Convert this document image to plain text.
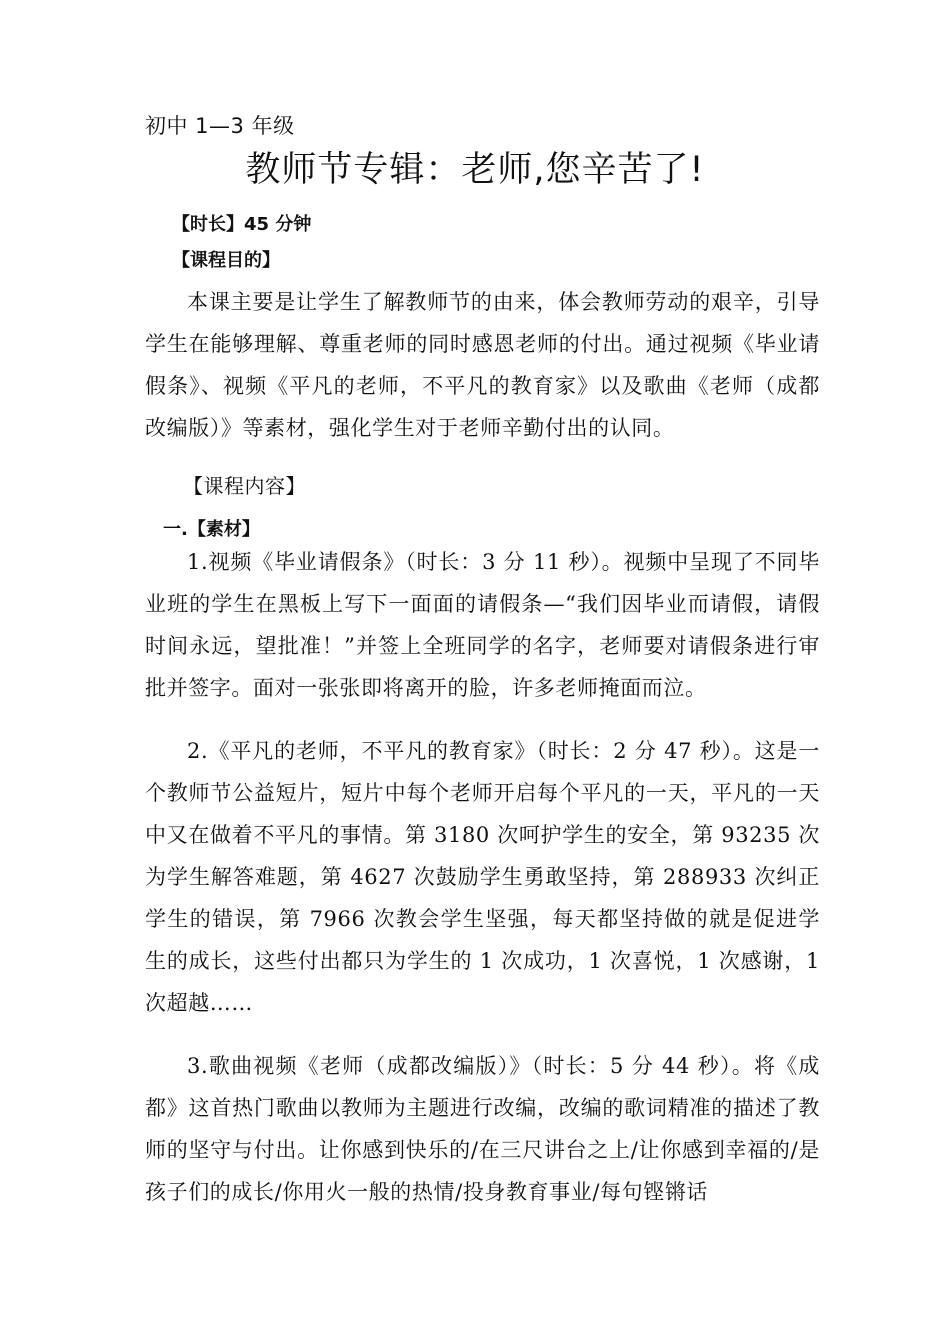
初中 1—3 年级
教师节专辑：老师,您辛苦了!
【时长】45 分钟
【课程目的】

本课主要是让学生了解教师节的由来，体会教师劳动的艰辛，引导学生在能够理解、尊重老师的同时感恩老师的付出。通过视频《毕业请假条》、视频《平凡的老师，不平凡的教育家》以及歌曲《老师（成都改编版）》等素材，强化学生对于老师辛勤付出的认同。

【课程内容】
一.【素材】

1.视频《毕业请假条》（时长：3 分 11 秒）。视频中呈现了不同毕业班的学生在黑板上写下一面面的请假条—“我们因毕业而请假，请假时间永远，望批准！”并签上全班同学的名字，老师要对请假条进行审批并签字。面对一张张即将离开的脸，许多老师掩面而泣。

2.《平凡的老师，不平凡的教育家》（时长：2 分 47 秒）。这是一个教师节公益短片，短片中每个老师开启每个平凡的一天，平凡的一天中又在做着不平凡的事情。第 3180 次呵护学生的安全，第 93235 次为学生解答难题，第 4627 次鼓励学生勇敢坚持，第 288933 次纠正学生的错误，第 7966 次教会学生坚强，每天都坚持做的就是促进学生的成长，这些付出都只为学生的 1 次成功，1 次喜悦，1 次感谢，1 次超越……

3.歌曲视频《老师（成都改编版）》（时长：5 分 44 秒）。将《成都》这首热门歌曲以教师为主题进行改编，改编的歌词精准的描述了教师的坚守与付出。让你感到快乐的/在三尺讲台之上/让你感到幸福的/是孩子们的成长/你用火一般的热情/投身教育事业/每句铿锵话
